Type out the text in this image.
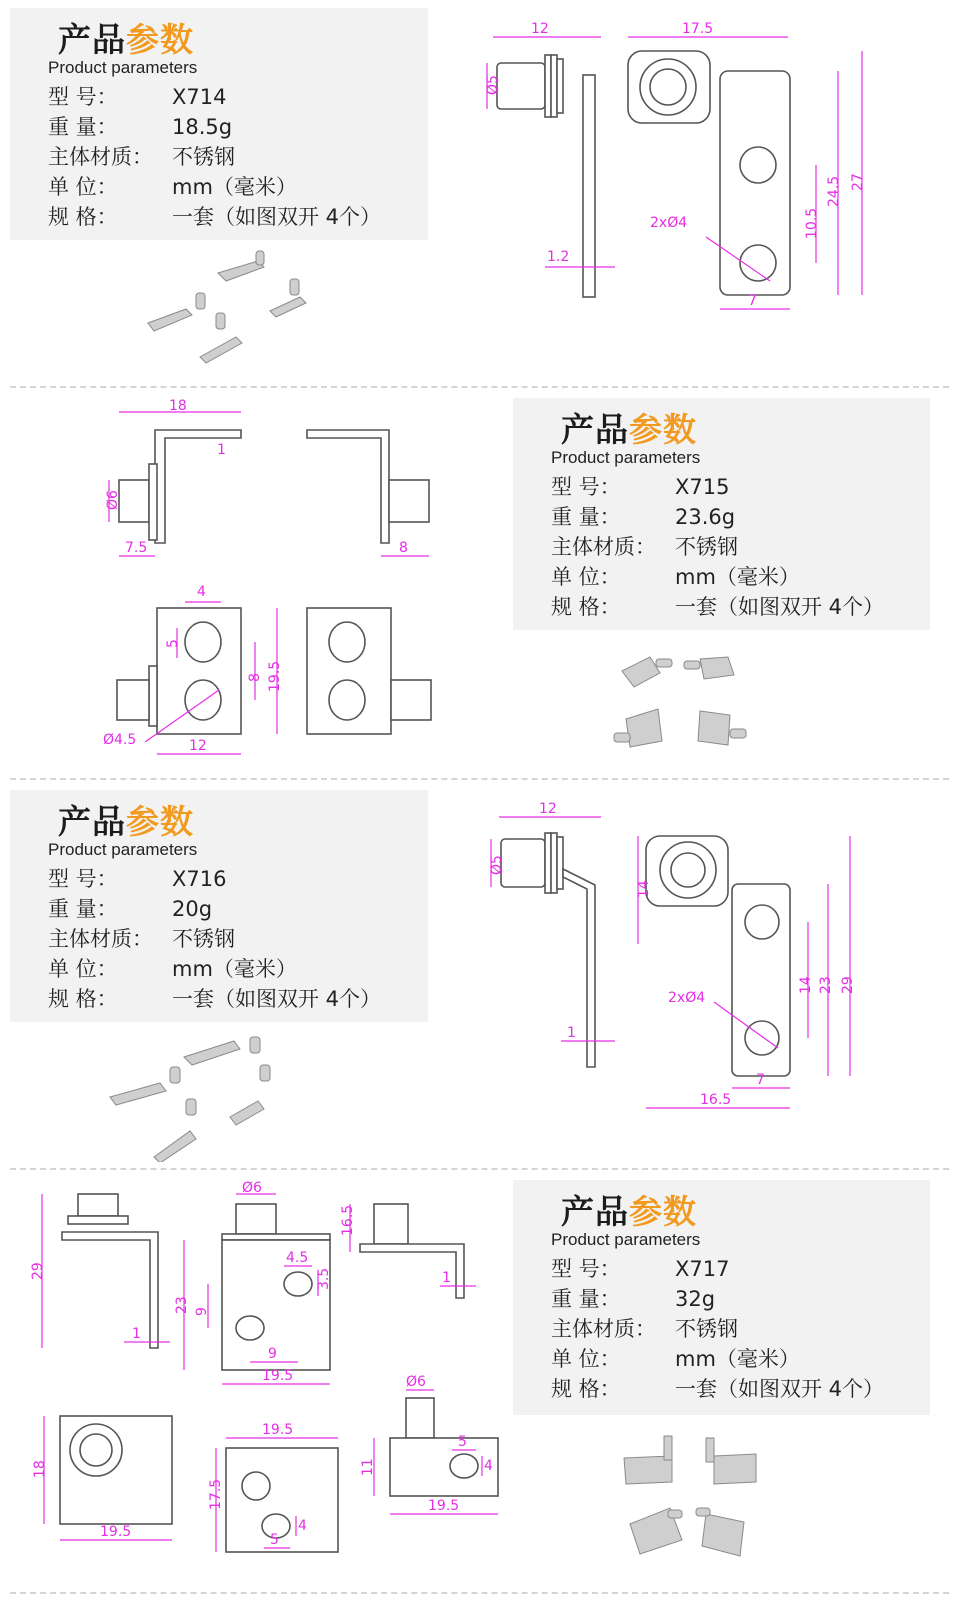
产品参数
Product parameters
型 号：	X714
重 量：	18.5g
主体材质： 不锈钢
单 位：	mm（毫米）
规 格：	一套（如图双开 4个）
12
Ø5
1.2
17.5
10.5
24.5 27
2xØ4
7
18
1
Ø6
7.5	8
4
5
8 19.5
Ø4.5	12
产品参数
Product parameters
型 号：	X715
重 量：	23.6g
主体材质： 不锈钢
单 位：	mm（毫米）
规 格：	一套（如图双开 4个）
产品参数
Product parameters
型 号：	X716
重 量：	20g
主体材质： 不锈钢
单 位：	mm（毫米）
规 格：	一套（如图双开 4个）
12
Ø5
1
14
14 23 29
2xØ4
7
16.5
29
1
Ø6
4.5
3.5
23 9
9
19.5
16.5
1
18
19.5
19.5
17.5
5
4
Ø6
11
5
4
19.5
产品参数
Product parameters
型 号：	X717
重 量：	32g
主体材质： 不锈钢
单 位：	mm（毫米）
规 格：	一套（如图双开 4个）
